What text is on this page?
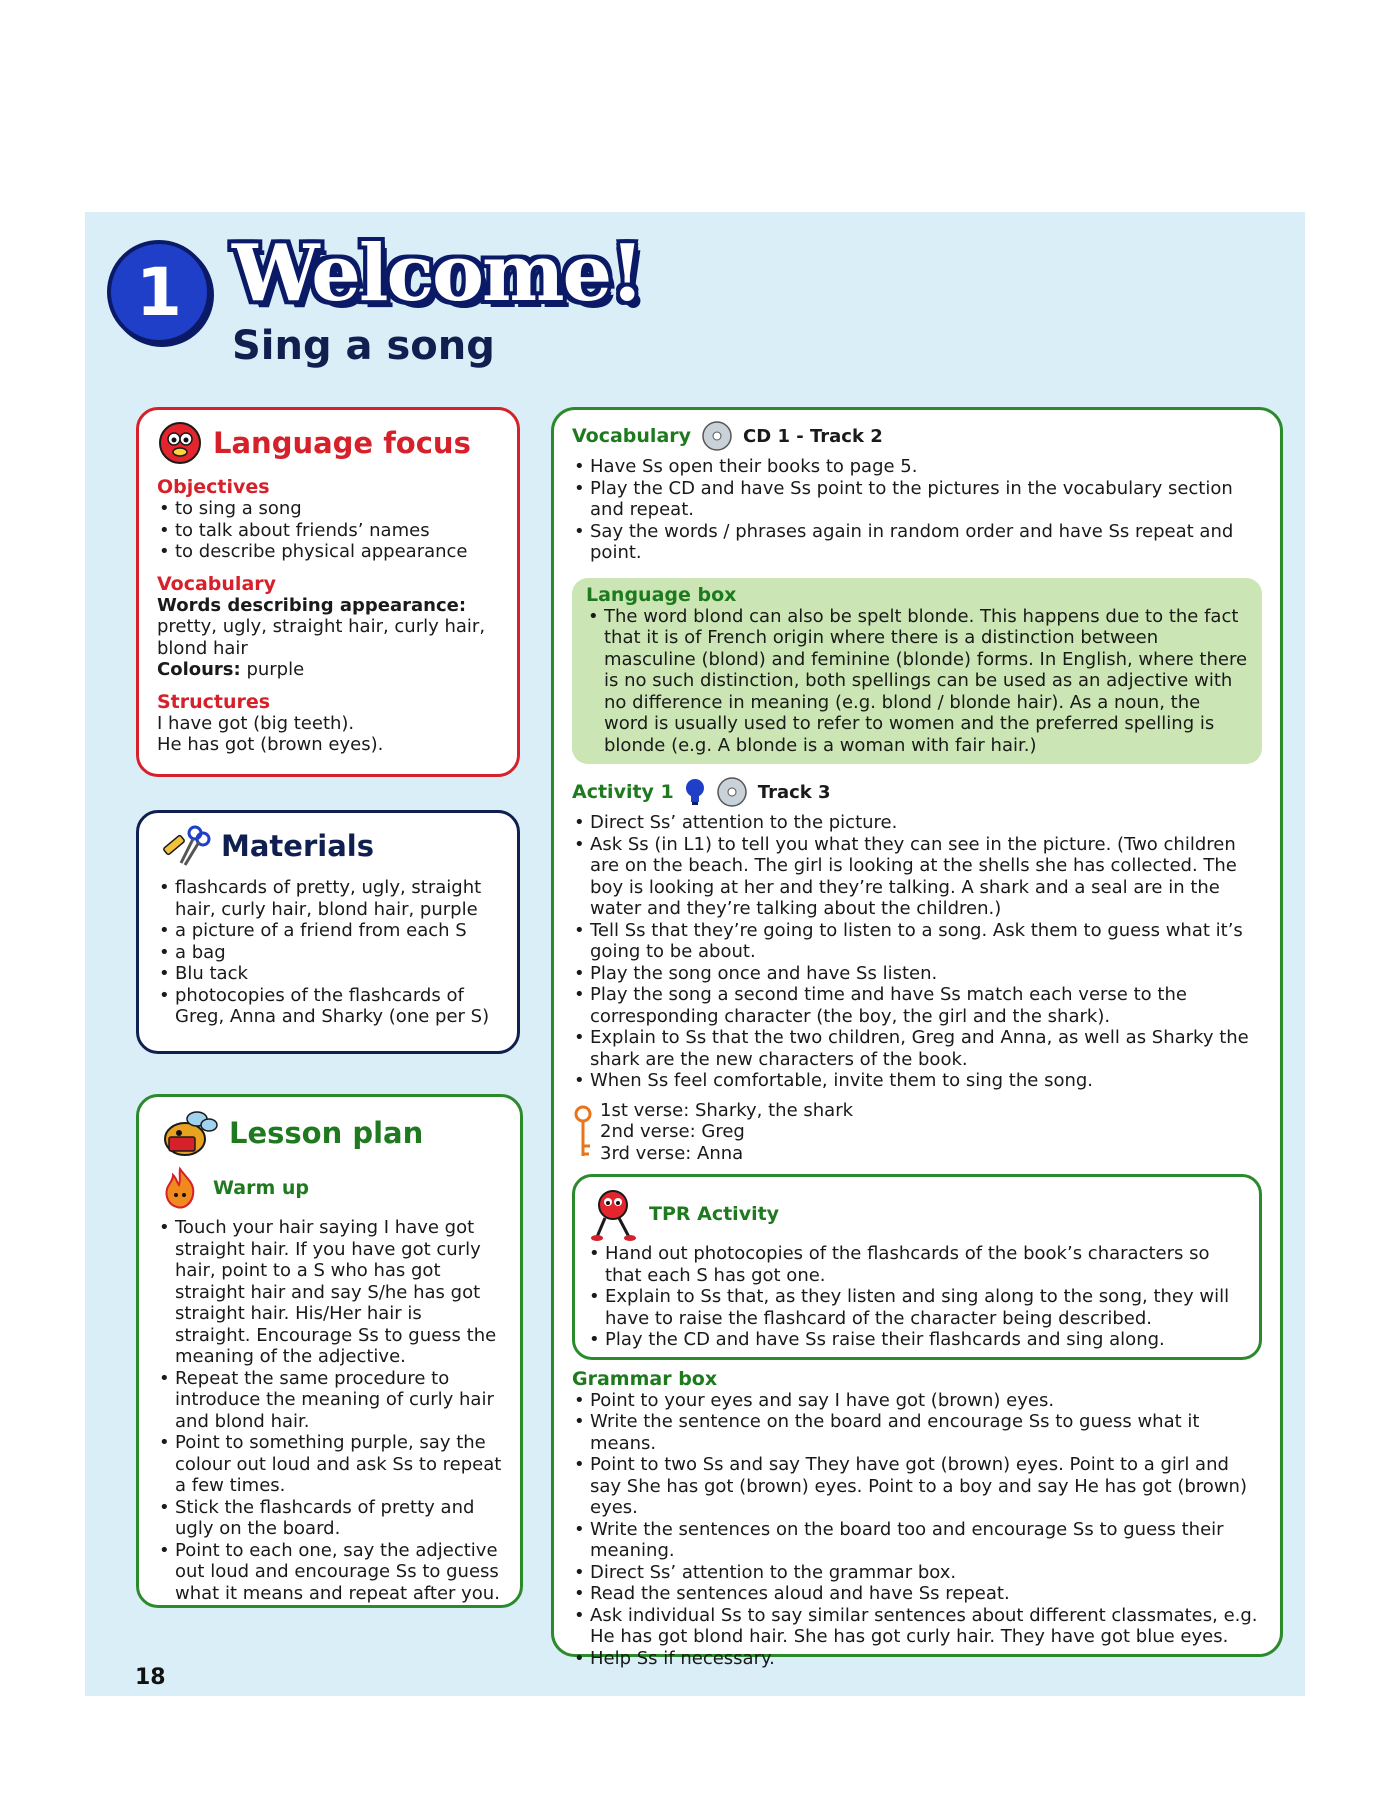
1 Welcome!
Sing a song
Language focus
Objectives
• to sing a song
• to talk about friends’ names
• to describe physical appearance
Vocabulary
Words describing appearance:
pretty, ugly, straight hair, curly hair, blond hair
Colours: purple
Structures
I have got (big teeth).
He has got (brown eyes).
Materials
• flashcards of pretty, ugly, straight hair, curly hair, blond hair, purple
• a picture of a friend from each S
• a bag
• Blu tack
• photocopies of the flashcards of Greg, Anna and Sharky (one per S)
Lesson plan
Warm up
• Touch your hair saying I have got straight hair. If you have got curly hair, point to a S who has got straight hair and say S/he has got straight hair. His/Her hair is straight. Encourage Ss to guess the meaning of the adjective.
• Repeat the same procedure to introduce the meaning of curly hair and blond hair.
• Point to something purple, say the colour out loud and ask Ss to repeat a few times.
• Stick the flashcards of pretty and ugly on the board.
• Point to each one, say the adjective out loud and encourage Ss to guess what it means and repeat after you.
Vocabulary	CD 1 - Track 2
• Have Ss open their books to page 5.
• Play the CD and have Ss point to the pictures in the vocabulary section and repeat.
• Say the words / phrases again in random order and have Ss repeat and point.
Language box
• The word blond can also be spelt blonde. This happens due to the fact that it is of French origin where there is a distinction between masculine (blond) and feminine (blonde) forms. In English, where there is no such distinction, both spellings can be used as an adjective with no difference in meaning (e.g. blond / blonde hair). As a noun, the word is usually used to refer to women and the preferred spelling is blonde (e.g. A blonde is a woman with fair hair.)
Activity 1	Track 3
• Direct Ss’ attention to the picture.
• Ask Ss (in L1) to tell you what they can see in the picture. (Two children are on the beach. The girl is looking at the shells she has collected. The boy is looking at her and they’re talking. A shark and a seal are in the water and they’re talking about the children.)
• Tell Ss that they’re going to listen to a song. Ask them to guess what it’s going to be about.
• Play the song once and have Ss listen.
• Play the song a second time and have Ss match each verse to the corresponding character (the boy, the girl and the shark).
• Explain to Ss that the two children, Greg and Anna, as well as Sharky the shark are the new characters of the book.
• When Ss feel comfortable, invite them to sing the song.
1st verse: Sharky, the shark
2nd verse: Greg
3rd verse: Anna
TPR Activity
• Hand out photocopies of the flashcards of the book’s characters so that each S has got one.
• Explain to Ss that, as they listen and sing along to the song, they will have to raise the flashcard of the character being described.
• Play the CD and have Ss raise their flashcards and sing along.
Grammar box
• Point to your eyes and say I have got (brown) eyes.
• Write the sentence on the board and encourage Ss to guess what it means.
• Point to two Ss and say They have got (brown) eyes. Point to a girl and say She has got (brown) eyes. Point to a boy and say He has got (brown) eyes.
• Write the sentences on the board too and encourage Ss to guess their meaning.
• Direct Ss’ attention to the grammar box.
• Read the sentences aloud and have Ss repeat.
• Ask individual Ss to say similar sentences about different classmates, e.g. He has got blond hair. She has got curly hair. They have got blue eyes.
• Help Ss if necessary.
18
